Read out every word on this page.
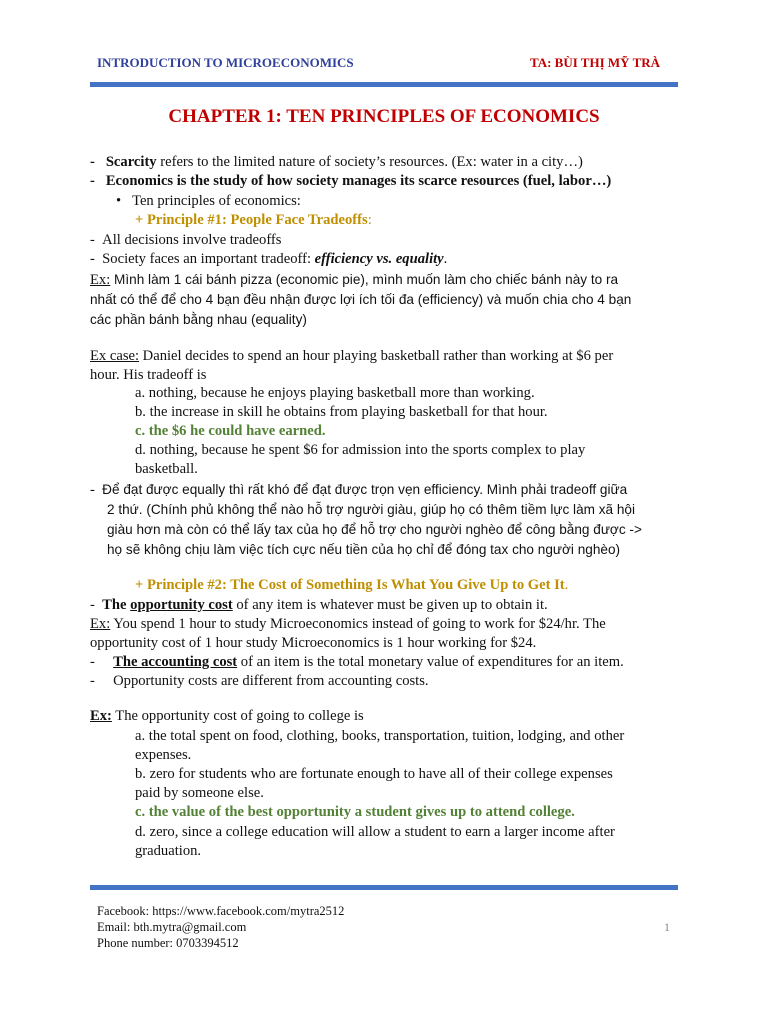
INTRODUCTION TO MICROECONOMICS	TA: BÙI THỊ MỸ TRÀ
CHAPTER 1: TEN PRINCIPLES OF ECONOMICS
-   Scarcity refers to the limited nature of society’s resources. (Ex: water in a city…)
-   Economics is the study of how society manages its scarce resources (fuel, labor…)
•   Ten principles of economics:
+ Principle #1: People Face Tradeoffs:
-  All decisions involve tradeoffs
-  Society faces an important tradeoff: efficiency vs. equality.
Ex: Mình làm 1 cái bánh pizza (economic pie), mình muốn làm cho chiếc bánh này to ra
nhất có thể để cho 4 bạn đều nhận được lợi ích tối đa (efficiency) và muốn chia cho 4 bạn
các phần bánh bằng nhau (equality)
Ex case: Daniel decides to spend an hour playing basketball rather than working at $6 per
hour. His tradeoff is
a. nothing, because he enjoys playing basketball more than working.
b. the increase in skill he obtains from playing basketball for that hour.
c. the $6 he could have earned.
d. nothing, because he spent $6 for admission into the sports complex to play
basketball.
-  Để đạt được equally thì rất khó để đạt được trọn vẹn efficiency. Mình phải tradeoff giữa
2 thứ. (Chính phủ không thể nào hỗ trợ người giàu, giúp họ có thêm tiềm lực làm xã hội
giàu hơn mà còn có thể lấy tax của họ để hỗ trợ cho người nghèo để công bằng được ->
họ sẽ không chịu làm việc tích cực nếu tiền của họ chỉ để đóng tax cho người nghèo)
+ Principle #2: The Cost of Something Is What You Give Up to Get It.
-  The opportunity cost of any item is whatever must be given up to obtain it.
Ex: You spend 1 hour to study Microeconomics instead of going to work for $24/hr. The
opportunity cost of 1 hour study Microeconomics is 1 hour working for $24.
-     The accounting cost of an item is the total monetary value of expenditures for an item.
-     Opportunity costs are different from accounting costs.
Ex: The opportunity cost of going to college is
a. the total spent on food, clothing, books, transportation, tuition, lodging, and other
expenses.
b. zero for students who are fortunate enough to have all of their college expenses
paid by someone else.
c. the value of the best opportunity a student gives up to attend college.
d. zero, since a college education will allow a student to earn a larger income after
graduation.
Facebook: https://www.facebook.com/mytra2512
Email: bth.mytra@gmail.com
Phone number: 0703394512
1
